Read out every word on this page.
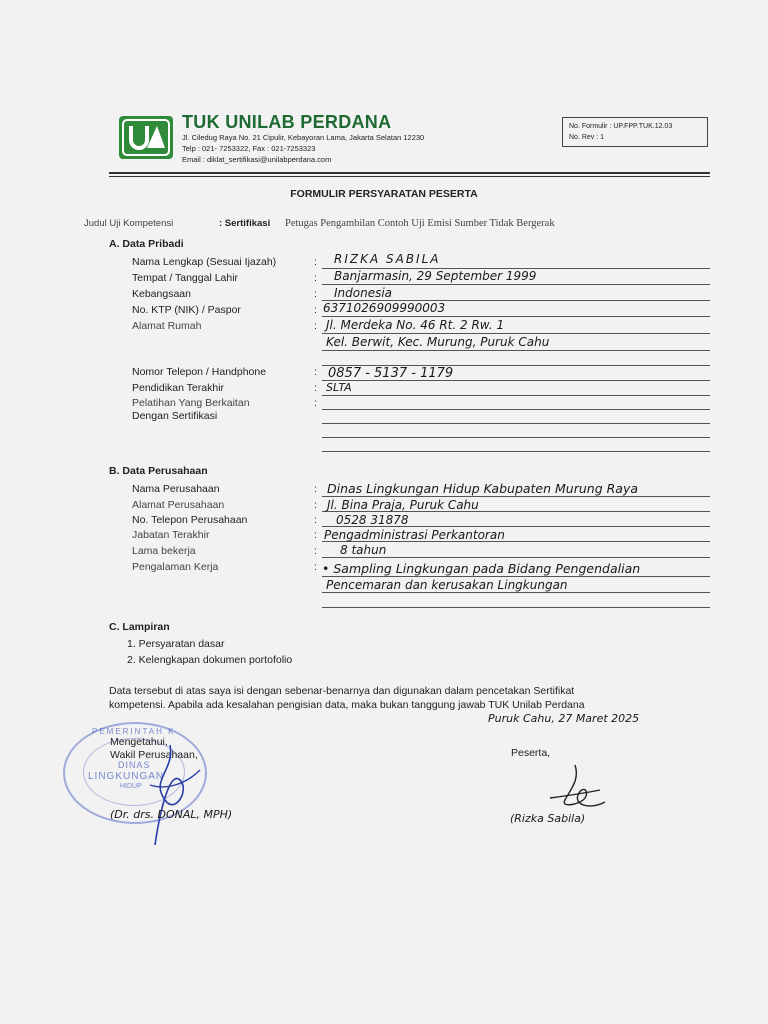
TUK UNILAB PERDANA
Jl. Ciledug Raya No. 21 Cipulir, Kebayoran Lama, Jakarta Selatan 12230
Telp : 021- 7253322, Fax : 021-7253323
Email : diklat_sertifikasi@unilabperdana.com
No. Formulir : UP.FPP.TUK.12.03
No. Rev : 1
FORMULIR PERSYARATAN PESERTA
Judul Uji Kompetensi	: Sertifikasi Petugas Pengambilan Contoh Uji Emisi Sumber Tidak Bergerak
A. Data Pribadi
Nama Lengkap (Sesuai Ijazah)
Tempat / Tanggal Lahir
Kebangsaan
No. KTP (NIK) / Paspor
Alamat Rumah
Nomor Telepon / Handphone
Pendidikan Terakhir
Pelatihan Yang Berkaitan
Dengan Sertifikasi
:
:
:
:
:
:
:
:
RIZKA SABILA
Banjarmasin, 29 September 1999
Indonesia
6371026909990003
Jl. Merdeka No. 46 Rt. 2 Rw. 1
Kel. Berwit, Kec. Murung, Puruk Cahu
0857 - 5137 - 1179
SLTA
B. Data Perusahaan
Nama Perusahaan
Alamat Perusahaan
No. Telepon Perusahaan
Jabatan Terakhir
Lama bekerja
Pengalaman Kerja
:
:
:
:
:
:
Dinas Lingkungan Hidup Kabupaten Murung Raya
Jl. Bina Praja, Puruk Cahu
0528 31878
Pengadministrasi Perkantoran
8 tahun
• Sampling Lingkungan pada Bidang Pengendalian
Pencemaran dan kerusakan Lingkungan
C. Lampiran
1. Persyaratan dasar
2. Kelengkapan dokumen portofolio
Data tersebut di atas saya isi dengan sebenar-benarnya dan digunakan dalam pencetakan Sertifikat
kompetensi. Apabila ada kesalahan pengisian data, maka bukan tanggung jawab TUK Unilab Perdana
Puruk Cahu, 27 Maret 2025
PEMERINTAH K
DINAS
LINGKUNGAN
HIDUP
Mengetahui,
Wakil Perusahaan,
(Dr. drs. DONAL, MPH)
Peserta,
(Rizka Sabila)
